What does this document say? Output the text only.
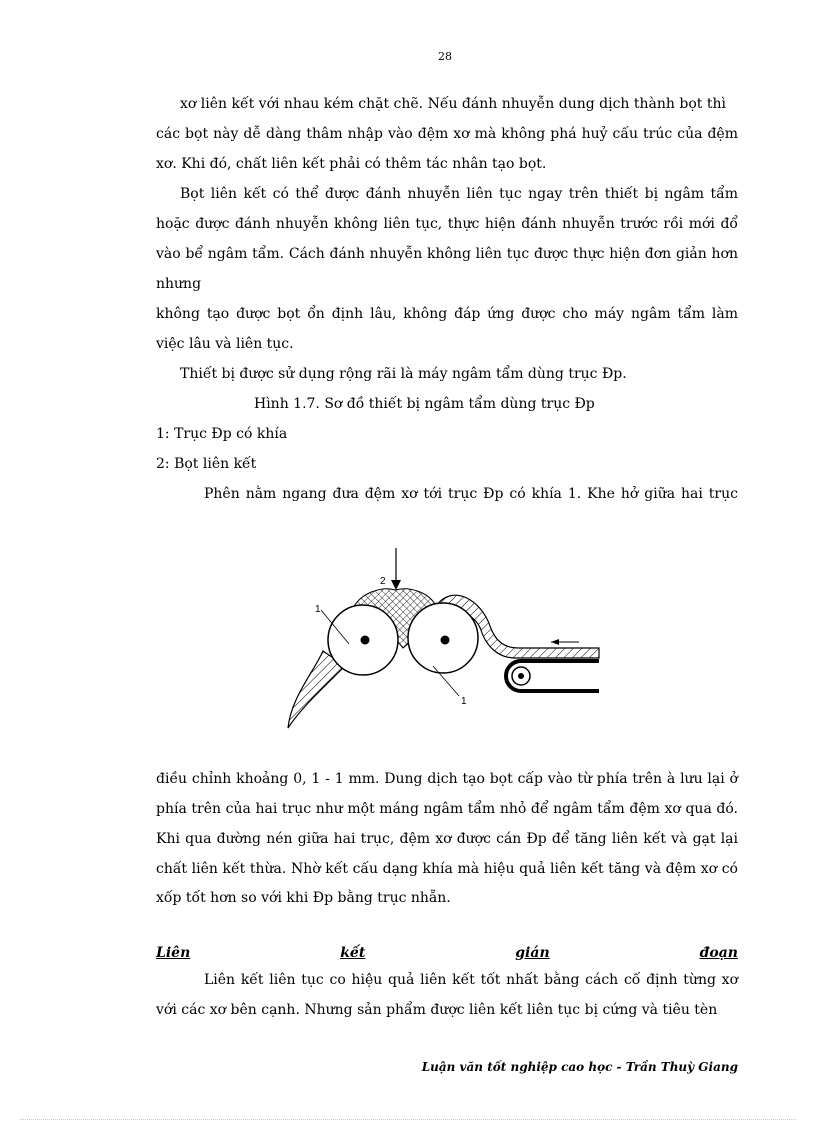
28
xơ liên kết với nhau kém chặt chẽ. Nếu đánh nhuyễn dung dịch thành bọt thì
các bọt này dễ dàng thâm nhập vào đệm xơ mà không phá huỷ cấu trúc của đệm
xơ. Khi đó, chất liên kết phải có thêm tác nhân tạo bọt.
Bọt liên kết có thể được đánh nhuyễn liên tục ngay trên thiết bị ngâm tẩm
hoặc được đánh nhuyễn không liên tục, thực hiện đánh nhuyễn trước rồi mới đổ
vào bể ngâm tẩm. Cách đánh nhuyễn không liên tục được thực hiện đơn giản hơn
nhưng
không tạo được bọt ổn định lâu, không đáp ứng được cho máy ngâm tẩm làm
việc lâu và liên tục.
Thiết bị được sử dụng rộng rãi là máy ngâm tẩm dùng trục Ðp.
Hình 1.7. Sơ đồ thiết bị ngâm tẩm dùng trục Ðp
1: Trục Ðp có khía
2: Bọt liên kết
Phên nằm ngang đưa đệm xơ tới trục Ðp có khía 1. Khe hở giữa hai trục
2
1
1
điều chỉnh khoảng 0, 1 - 1 mm. Dung dịch tạo bọt cấp vào từ phía trên à lưu lại ở
phía trên của hai trục như một máng ngâm tẩm nhỏ để ngâm tẩm đệm xơ qua đó.
Khi qua đường nén giữa hai trục, đệm xơ được cán Ðp để tăng liên kết và gạt lại
chất liên kết thừa. Nhờ kết cấu dạng khía mà hiệu quả liên kết tăng và đệm xơ có
xốp tốt hơn so với khi Ðp bằng trục nhẵn.
Liên	kết	gián	đoạn
Liên kết liên tục co hiệu quả liên kết tốt nhất bằng cách cố định từng xơ
với các xơ bên cạnh. Nhưng sản phẩm được liên kết liên tục bị cứng và tiêu tèn
Luận văn tốt nghiệp cao học - Trần Thuỳ Giang
